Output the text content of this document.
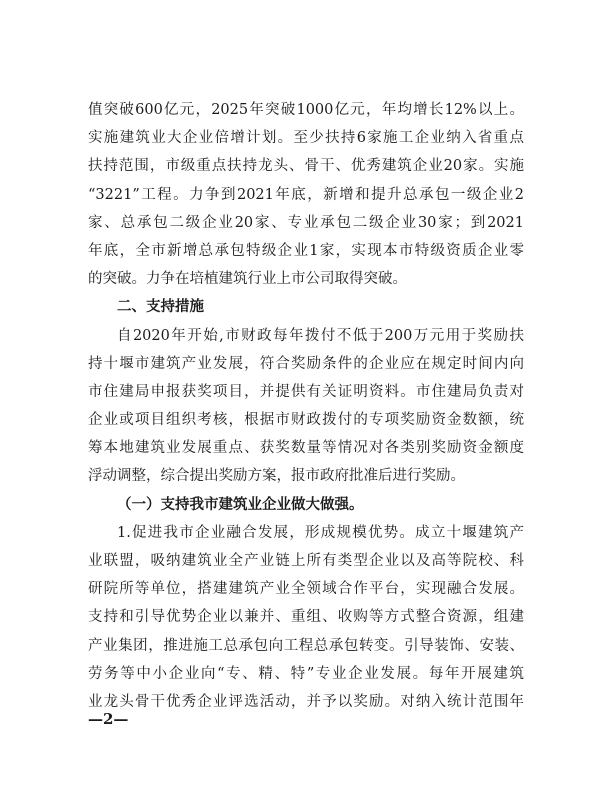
值突破600亿元，2025年突破1000亿元，年均增长12%以上。
实施建筑业大企业倍增计划。至少扶持6家施工企业纳入省重点
扶持范围，市级重点扶持龙头、骨干、优秀建筑企业20家。实施
“3221”工程。力争到2021年底，新增和提升总承包一级企业2
家、总承包二级企业20家、专业承包二级企业30家；到2021
年底，全市新增总承包特级企业1家，实现本市特级资质企业零
的突破。力争在培植建筑行业上市公司取得突破。
二、支持措施
自2020年开始,市财政每年拨付不低于200万元用于奖励扶
持十堰市建筑产业发展，符合奖励条件的企业应在规定时间内向
市住建局申报获奖项目，并提供有关证明资料。市住建局负责对
企业或项目组织考核，根据市财政拨付的专项奖励资金数额，统
筹本地建筑业发展重点、获奖数量等情况对各类别奖励资金额度
浮动调整，综合提出奖励方案，报市政府批准后进行奖励。
（一）支持我市建筑业企业做大做强。
1.促进我市企业融合发展，形成规模优势。成立十堰建筑产
业联盟，吸纳建筑业全产业链上所有类型企业以及高等院校、科
研院所等单位，搭建建筑产业全领域合作平台，实现融合发展。
支持和引导优势企业以兼并、重组、收购等方式整合资源，组建
产业集团，推进施工总承包向工程总承包转变。引导装饰、安装、
劳务等中小企业向“专、精、特”专业企业发展。每年开展建筑
业龙头骨干优秀企业评选活动，并予以奖励。对纳入统计范围年
—2—
